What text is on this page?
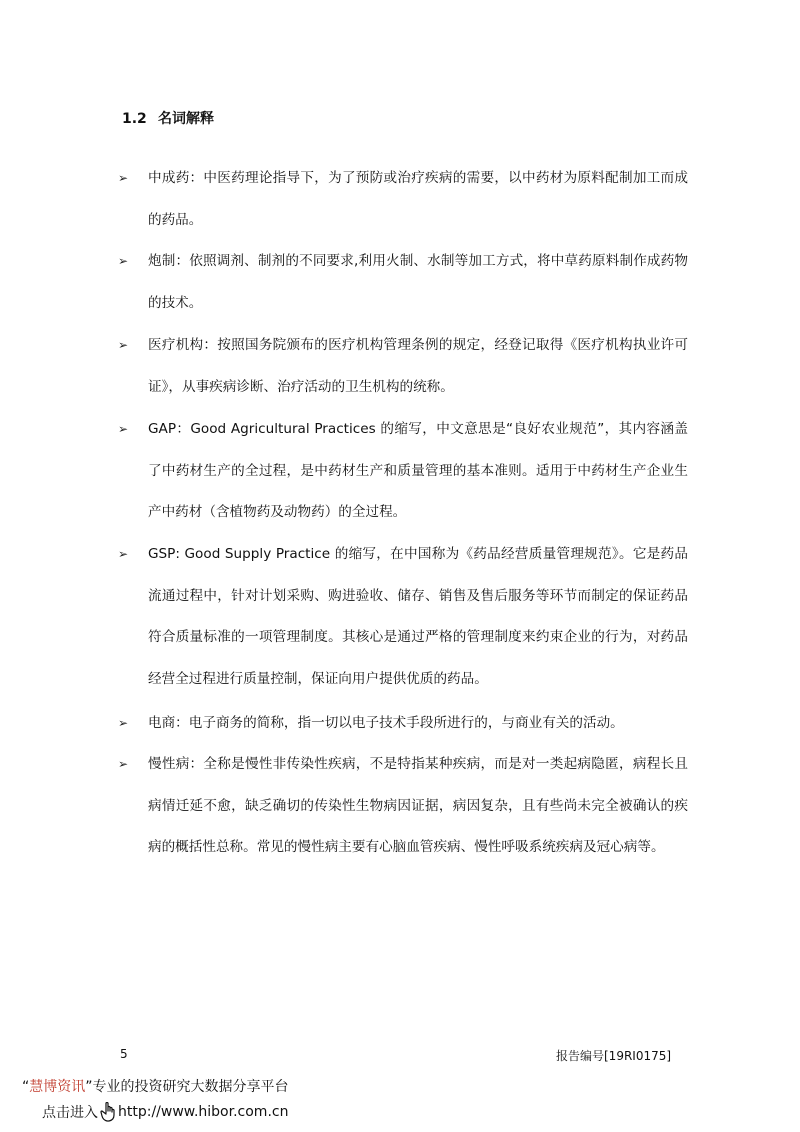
1.2 名词解释
➢	中成药：中医药理论指导下，为了预防或治疗疾病的需要，以中药材为原料配制加工而成的药品。
➢	炮制：依照调剂、制剂的不同要求,利用火制、水制等加工方式，将中草药原料制作成药物的技术。
➢	医疗机构：按照国务院颁布的医疗机构管理条例的规定，经登记取得《医疗机构执业许可证》，从事疾病诊断、治疗活动的卫生机构的统称。
➢	GAP：Good Agricultural Practices 的缩写，中文意思是“良好农业规范”，其内容涵盖了中药材生产的全过程，是中药材生产和质量管理的基本准则。适用于中药材生产企业生产中药材（含植物药及动物药）的全过程。
➢	GSP: Good Supply Practice 的缩写，在中国称为《药品经营质量管理规范》。它是药品流通过程中，针对计划采购、购进验收、储存、销售及售后服务等环节而制定的保证药品符合质量标准的一项管理制度。其核心是通过严格的管理制度来约束企业的行为，对药品经营全过程进行质量控制，保证向用户提供优质的药品。
➢	电商：电子商务的简称，指一切以电子技术手段所进行的，与商业有关的活动。
➢	慢性病：全称是慢性非传染性疾病，不是特指某种疾病，而是对一类起病隐匿，病程长且病情迁延不愈，缺乏确切的传染性生物病因证据，病因复杂，且有些尚未完全被确认的疾病的概括性总称。常见的慢性病主要有心脑血管疾病、慢性呼吸系统疾病及冠心病等。
5	报告编号[19RI0175]
“慧博资讯”专业的投资研究大数据分享平台
点击进入 http://www.hibor.com.cn
